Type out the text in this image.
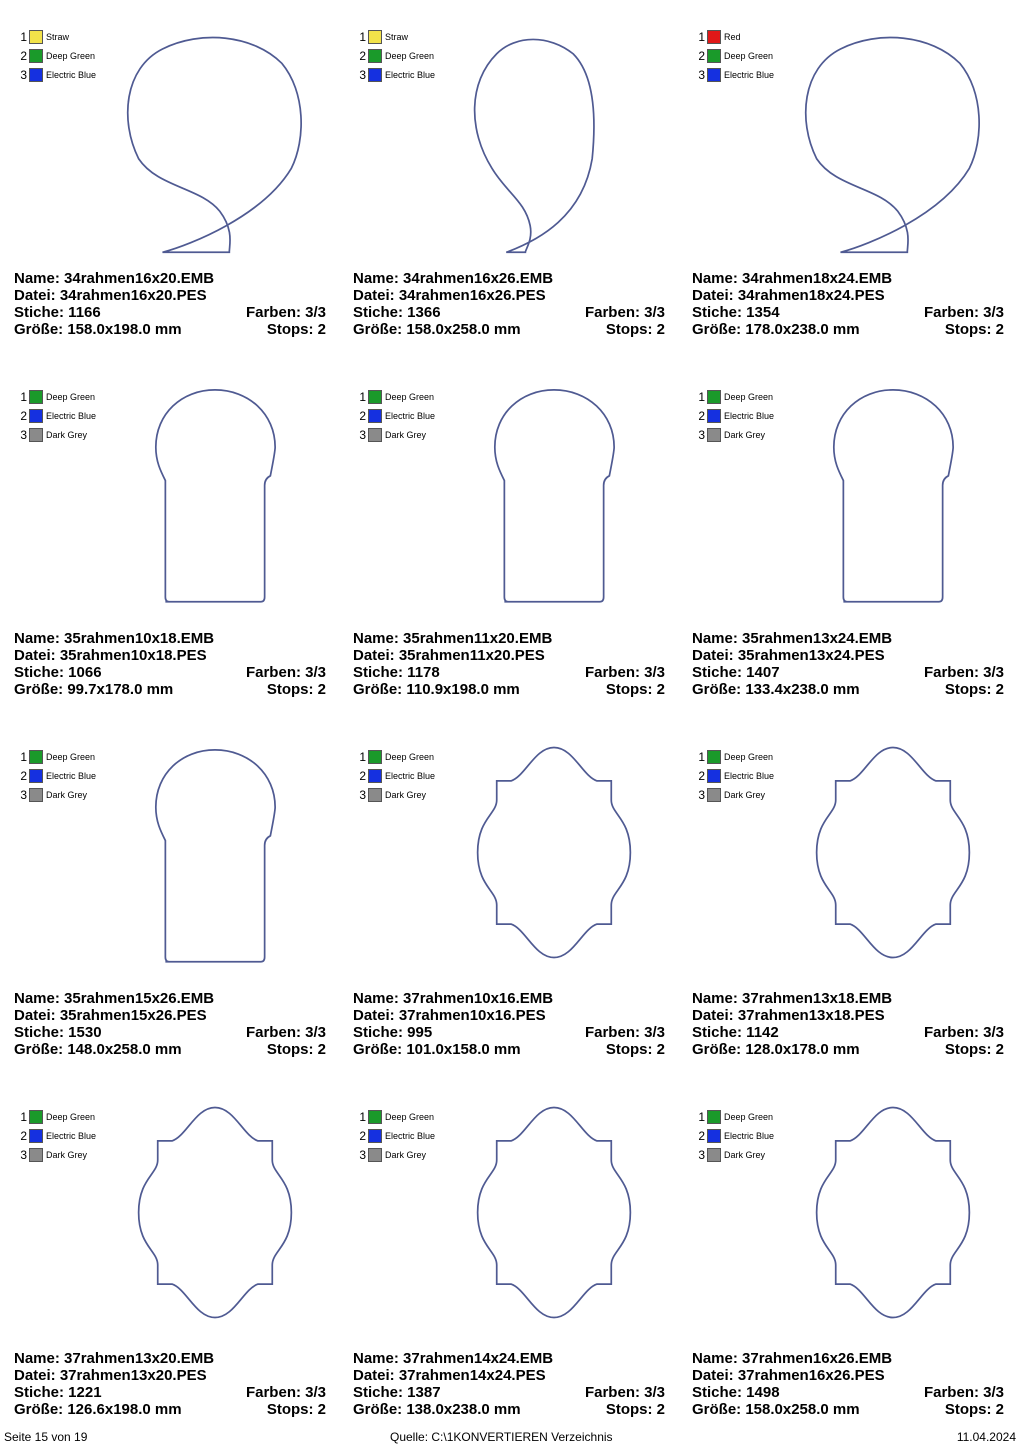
1 Straw
2 Deep Green
3 Electric Blue
Name: 34rahmen16x20.EMB
Datei: 34rahmen16x20.PES
Stiche: 1166	Farben: 3/3
Größe: 158.0x198.0 mm	Stops: 2
1 Straw
2 Deep Green
3 Electric Blue
Name: 34rahmen16x26.EMB
Datei: 34rahmen16x26.PES
Stiche: 1366	Farben: 3/3
Größe: 158.0x258.0 mm	Stops: 2
1 Red
2 Deep Green
3 Electric Blue
Name: 34rahmen18x24.EMB
Datei: 34rahmen18x24.PES
Stiche: 1354	Farben: 3/3
Größe: 178.0x238.0 mm	Stops: 2
1 Deep Green
2 Electric Blue
3 Dark Grey
Name: 35rahmen10x18.EMB
Datei: 35rahmen10x18.PES
Stiche: 1066	Farben: 3/3
Größe: 99.7x178.0 mm	Stops: 2
1 Deep Green
2 Electric Blue
3 Dark Grey
Name: 35rahmen11x20.EMB
Datei: 35rahmen11x20.PES
Stiche: 1178	Farben: 3/3
Größe: 110.9x198.0 mm	Stops: 2
1 Deep Green
2 Electric Blue
3 Dark Grey
Name: 35rahmen13x24.EMB
Datei: 35rahmen13x24.PES
Stiche: 1407	Farben: 3/3
Größe: 133.4x238.0 mm	Stops: 2
1 Deep Green
2 Electric Blue
3 Dark Grey
Name: 35rahmen15x26.EMB
Datei: 35rahmen15x26.PES
Stiche: 1530	Farben: 3/3
Größe: 148.0x258.0 mm	Stops: 2
1 Deep Green
2 Electric Blue
3 Dark Grey
Name: 37rahmen10x16.EMB
Datei: 37rahmen10x16.PES
Stiche: 995	Farben: 3/3
Größe: 101.0x158.0 mm	Stops: 2
1 Deep Green
2 Electric Blue
3 Dark Grey
Name: 37rahmen13x18.EMB
Datei: 37rahmen13x18.PES
Stiche: 1142	Farben: 3/3
Größe: 128.0x178.0 mm	Stops: 2
1 Deep Green
2 Electric Blue
3 Dark Grey
Name: 37rahmen13x20.EMB
Datei: 37rahmen13x20.PES
Stiche: 1221	Farben: 3/3
Größe: 126.6x198.0 mm	Stops: 2
1 Deep Green
2 Electric Blue
3 Dark Grey
Name: 37rahmen14x24.EMB
Datei: 37rahmen14x24.PES
Stiche: 1387	Farben: 3/3
Größe: 138.0x238.0 mm	Stops: 2
1 Deep Green
2 Electric Blue
3 Dark Grey
Name: 37rahmen16x26.EMB
Datei: 37rahmen16x26.PES
Stiche: 1498	Farben: 3/3
Größe: 158.0x258.0 mm	Stops: 2
Seite 15 von 19	Quelle: C:\1KONVERTIEREN Verzeichnis	11.04.2024
